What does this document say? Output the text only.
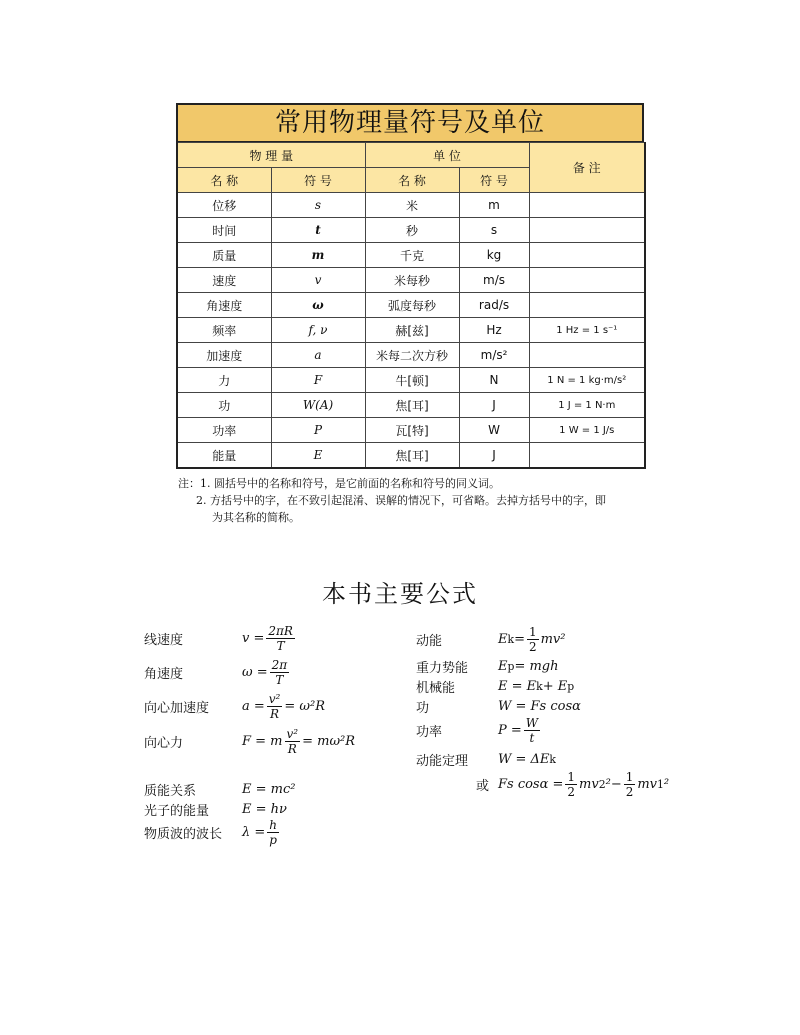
常用物理量符号及单位
物 理 量		单 位		备 注
名 称	符 号	名 称	符 号	
位移	s	米	m	
时间	t	秒	s	
质量	m	千克	kg	
速度	v	米每秒	m/s	
角速度	ω	弧度每秒	rad/s	
频率	f, ν	赫[兹]	Hz	1 Hz = 1 s⁻¹
加速度	a	米每二次方秒	m/s²	
力	F	牛[顿]	N	1 N = 1 kg·m/s²
功	W(A)	焦[耳]	J	1 J = 1 N·m
功率	P	瓦[特]	W	1 W = 1 J/s
能量	E	焦[耳]	J	
注：1. 圆括号中的名称和符号，是它前面的名称和符号的同义词。
2. 方括号中的字，在不致引起混淆、误解的情况下，可省略。去掉方括号中的字，即
为其名称的简称。
本书主要公式
线速度	$v = \frac{2\pi R}{T}$
角速度	$\omega = \frac{2\pi}{T}$
向心加速度	$a = \frac{\text{v²}}{R} = \omega^2R$
向心力	F = m $\frac{\text{v²}}{R} = m\omega^2R$
质能关系	E = mc²
光子的能量	E = hν
物质波的波长	$\lambda = \frac{h}{p}$
动能	E $k = \frac{1}{2} mv^2$
重力势能	E p = mgh
机械能	E = E k + E p
功	W = Fs cosα
功率	$P = \frac{W}{t}$
动能定理	W = ΔE k
或 Fs $\cos\alpha = \frac{1}{2}$ mv 2 $^2- \frac{1}{2}$ mv 1 ²
